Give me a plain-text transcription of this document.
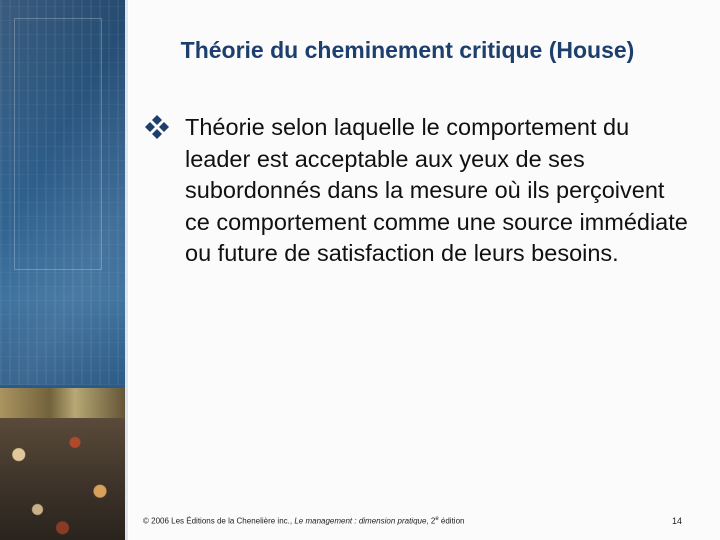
Théorie du cheminement critique (House)

Théorie selon laquelle le comportement du leader est acceptable aux yeux de ses subordonnés dans la mesure où ils perçoivent ce comportement comme une source immédiate ou future de satisfaction de leurs besoins.

© 2006 Les Éditions de la Chenelière inc., Le management : dimension pratique, 2e édition	14
